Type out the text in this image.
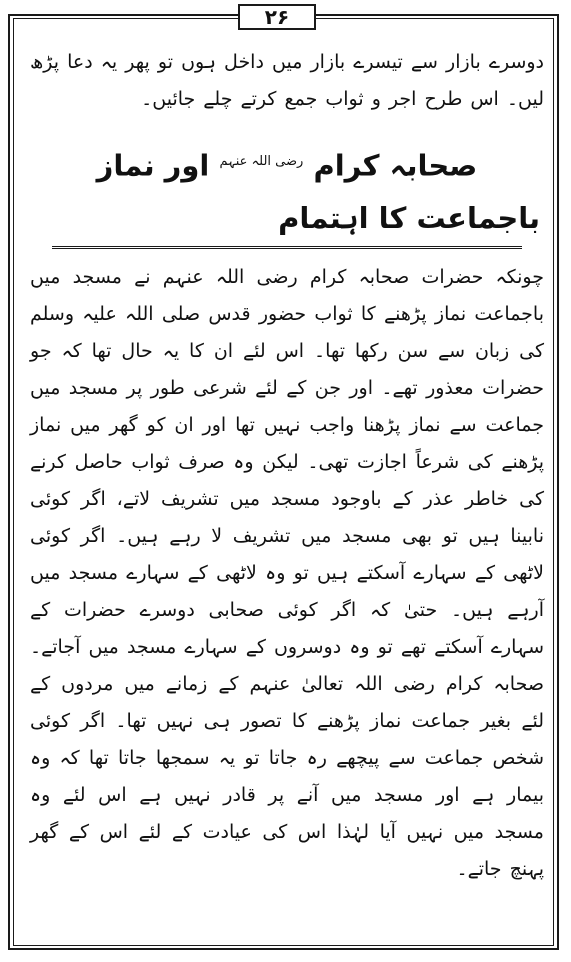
۲۶

دوسرے بازار سے تیسرے بازار میں داخل ہوں تو پھر یہ دعا پڑھ لیں۔ اس طرح اجر و ثواب جمع کرتے چلے جائیں۔

صحابہ کرام $^{رضی اللہ عنہم}$ اور نماز باجماعت کا اہتمام

چونکہ حضرات صحابہ کرام رضی اللہ عنہم نے مسجد میں باجماعت نماز پڑھنے کا ثواب حضور قدس صلی اللہ علیہ وسلم کی زبان سے سن رکھا تھا۔ اس لئے ان کا یہ حال تھا کہ جو حضرات معذور تھے۔ اور جن کے لئے شرعی طور پر مسجد میں جماعت سے نماز پڑھنا واجب نہیں تھا اور ان کو گھر میں نماز پڑھنے کی شرعاً اجازت تھی۔ لیکن وہ صرف ثواب حاصل کرنے کی خاطر عذر کے باوجود مسجد میں تشریف لاتے، اگر کوئی نابینا ہیں تو بھی مسجد میں تشریف لا رہے ہیں۔ اگر کوئی لاٹھی کے سہارے آسکتے ہیں تو وہ لاٹھی کے سہارے مسجد میں آرہے ہیں۔ حتیٰ کہ اگر کوئی صحابی دوسرے حضرات کے سہارے آسکتے تھے تو وہ دوسروں کے سہارے مسجد میں آجاتے۔ صحابہ کرام رضی اللہ تعالیٰ عنہم کے زمانے میں مردوں کے لئے بغیر جماعت نماز پڑھنے کا تصور ہی نہیں تھا۔ اگر کوئی شخص جماعت سے پیچھے رہ جاتا تو یہ سمجھا جاتا تھا کہ وہ بیمار ہے اور مسجد میں آنے پر قادر نہیں ہے اس لئے وہ مسجد میں نہیں آیا لہٰذا اس کی عیادت کے لئے اس کے گھر پہنچ جاتے۔
